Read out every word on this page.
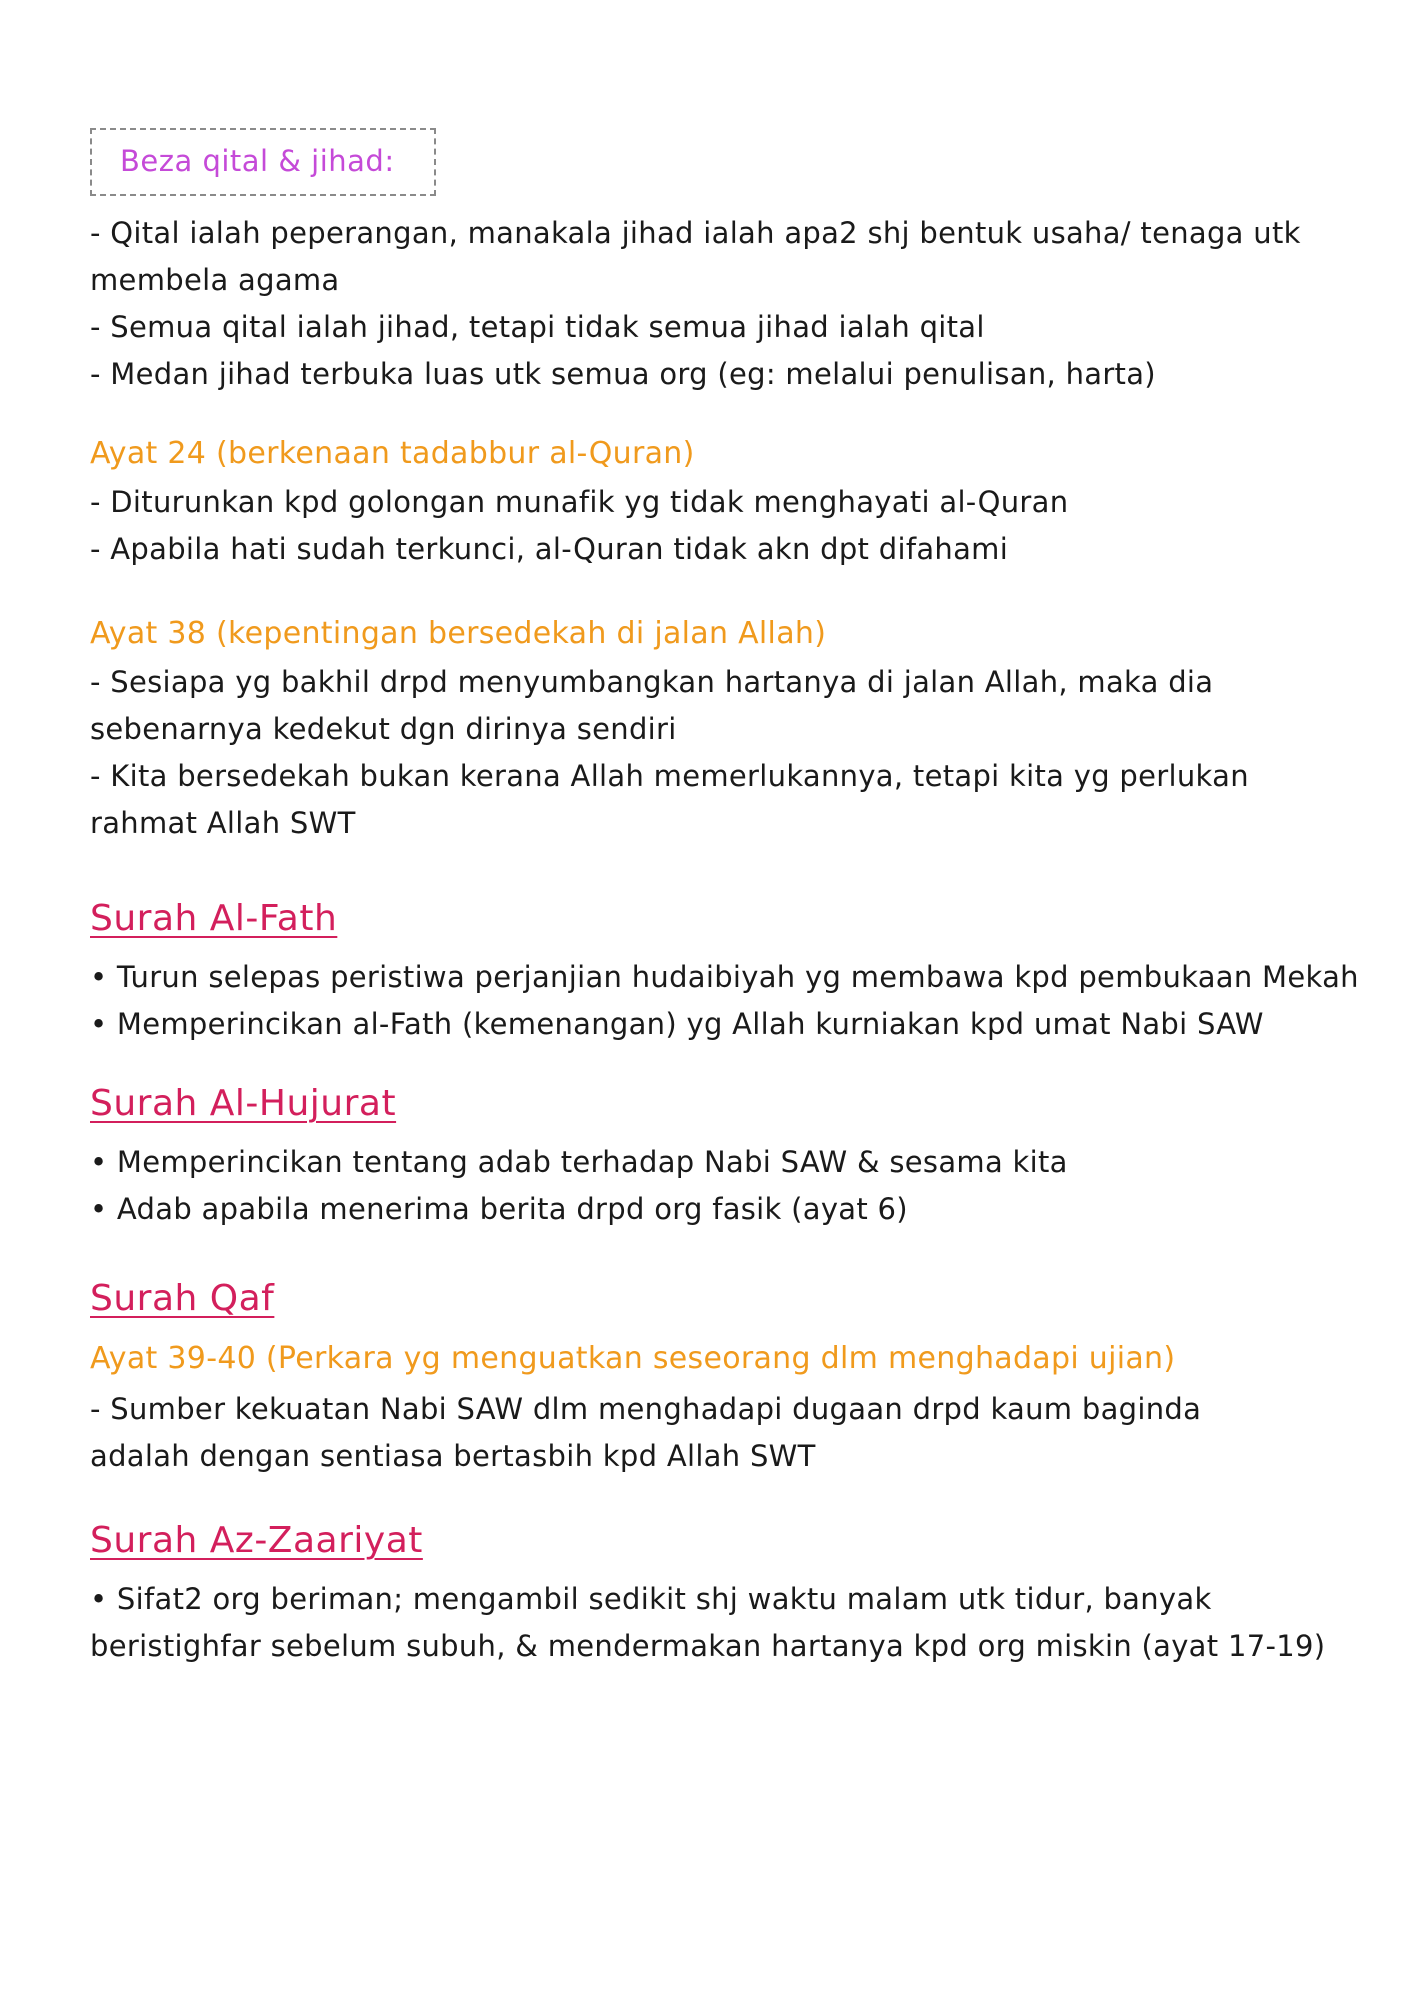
Beza qital & jihad:
- Qital ialah peperangan, manakala jihad ialah apa2 shj bentuk usaha/ tenaga utk
membela agama
- Semua qital ialah jihad, tetapi tidak semua jihad ialah qital
- Medan jihad terbuka luas utk semua org (eg: melalui penulisan, harta)
Ayat 24 (berkenaan tadabbur al-Quran)
- Diturunkan kpd golongan munafik yg tidak menghayati al-Quran
- Apabila hati sudah terkunci, al-Quran tidak akn dpt difahami
Ayat 38 (kepentingan bersedekah di jalan Allah)
- Sesiapa yg bakhil drpd menyumbangkan hartanya di jalan Allah, maka dia
sebenarnya kedekut dgn dirinya sendiri
- Kita bersedekah bukan kerana Allah memerlukannya, tetapi kita yg perlukan
rahmat Allah SWT
Surah Al-Fath
• Turun selepas peristiwa perjanjian hudaibiyah yg membawa kpd pembukaan Mekah
• Memperincikan al-Fath (kemenangan) yg Allah kurniakan kpd umat Nabi SAW
Surah Al-Hujurat
• Memperincikan tentang adab terhadap Nabi SAW & sesama kita
• Adab apabila menerima berita drpd org fasik (ayat 6)
Surah Qaf
Ayat 39-40 (Perkara yg menguatkan seseorang dlm menghadapi ujian)
- Sumber kekuatan Nabi SAW dlm menghadapi dugaan drpd kaum baginda
adalah dengan sentiasa bertasbih kpd Allah SWT
Surah Az-Zaariyat
• Sifat2 org beriman; mengambil sedikit shj waktu malam utk tidur, banyak
beristighfar sebelum subuh, & mendermakan hartanya kpd org miskin (ayat 17-19)
